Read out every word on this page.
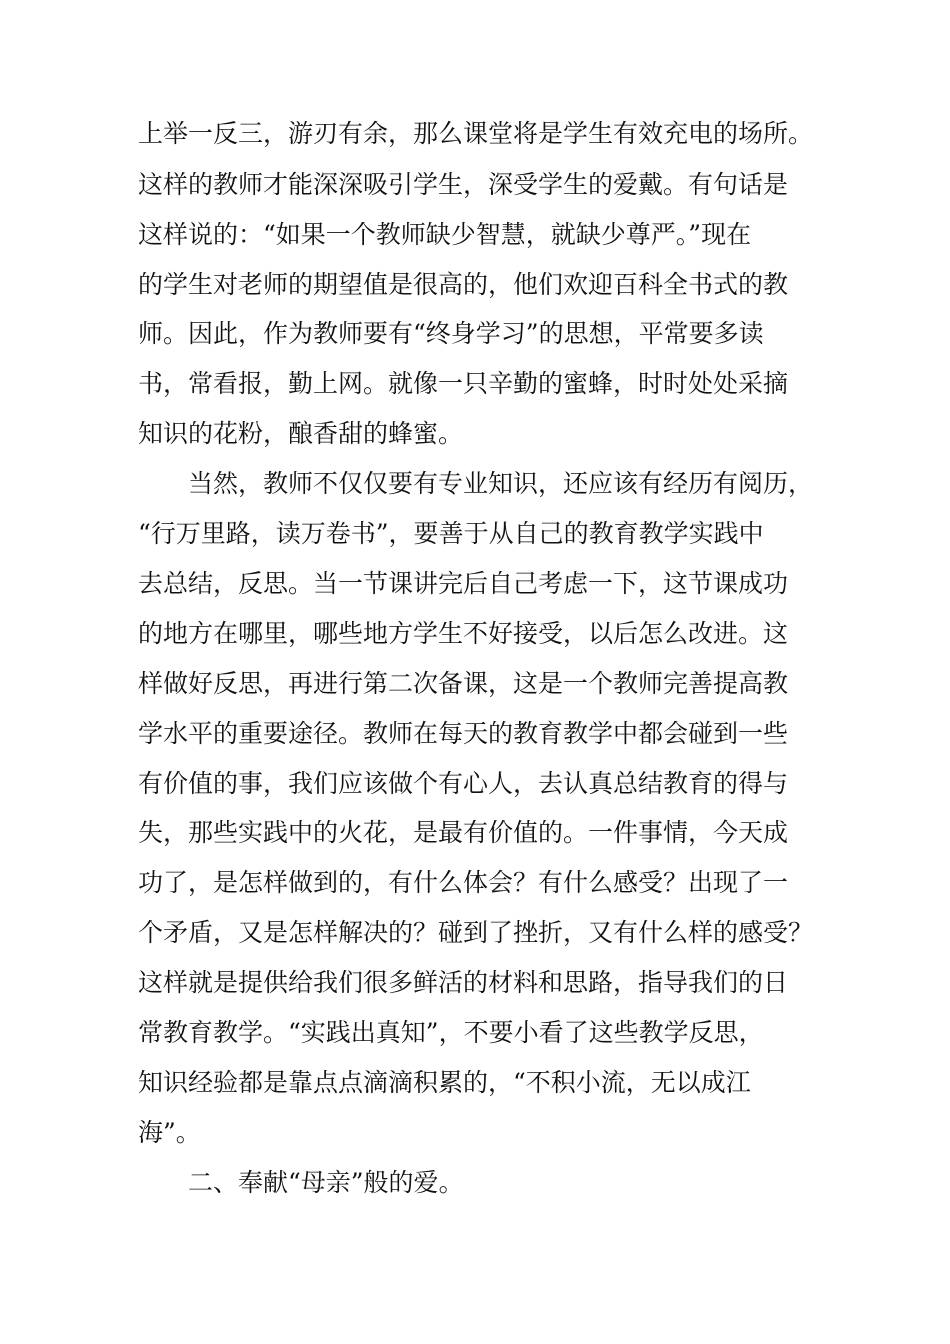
上举一反三，游刃有余，那么课堂将是学生有效充电的场所。
这样的教师才能深深吸引学生，深受学生的爱戴。有句话是
这样说的：“如果一个教师缺少智慧，就缺少尊严。”现在
的学生对老师的期望值是很高的，他们欢迎百科全书式的教
师。因此，作为教师要有“终身学习”的思想，平常要多读
书，常看报，勤上网。就像一只辛勤的蜜蜂，时时处处采摘
知识的花粉，酿香甜的蜂蜜。
　　当然，教师不仅仅要有专业知识，还应该有经历有阅历，
“行万里路，读万卷书”，要善于从自己的教育教学实践中
去总结，反思。当一节课讲完后自己考虑一下，这节课成功
的地方在哪里，哪些地方学生不好接受，以后怎么改进。这
样做好反思，再进行第二次备课，这是一个教师完善提高教
学水平的重要途径。教师在每天的教育教学中都会碰到一些
有价值的事，我们应该做个有心人，去认真总结教育的得与
失，那些实践中的火花，是最有价值的。一件事情，今天成
功了，是怎样做到的，有什么体会？有什么感受？出现了一
个矛盾，又是怎样解决的？碰到了挫折，又有什么样的感受？
这样就是提供给我们很多鲜活的材料和思路，指导我们的日
常教育教学。“实践出真知”，不要小看了这些教学反思，
知识经验都是靠点点滴滴积累的，“不积小流，无以成江
海”。
　　二、奉献“母亲”般的爱。
